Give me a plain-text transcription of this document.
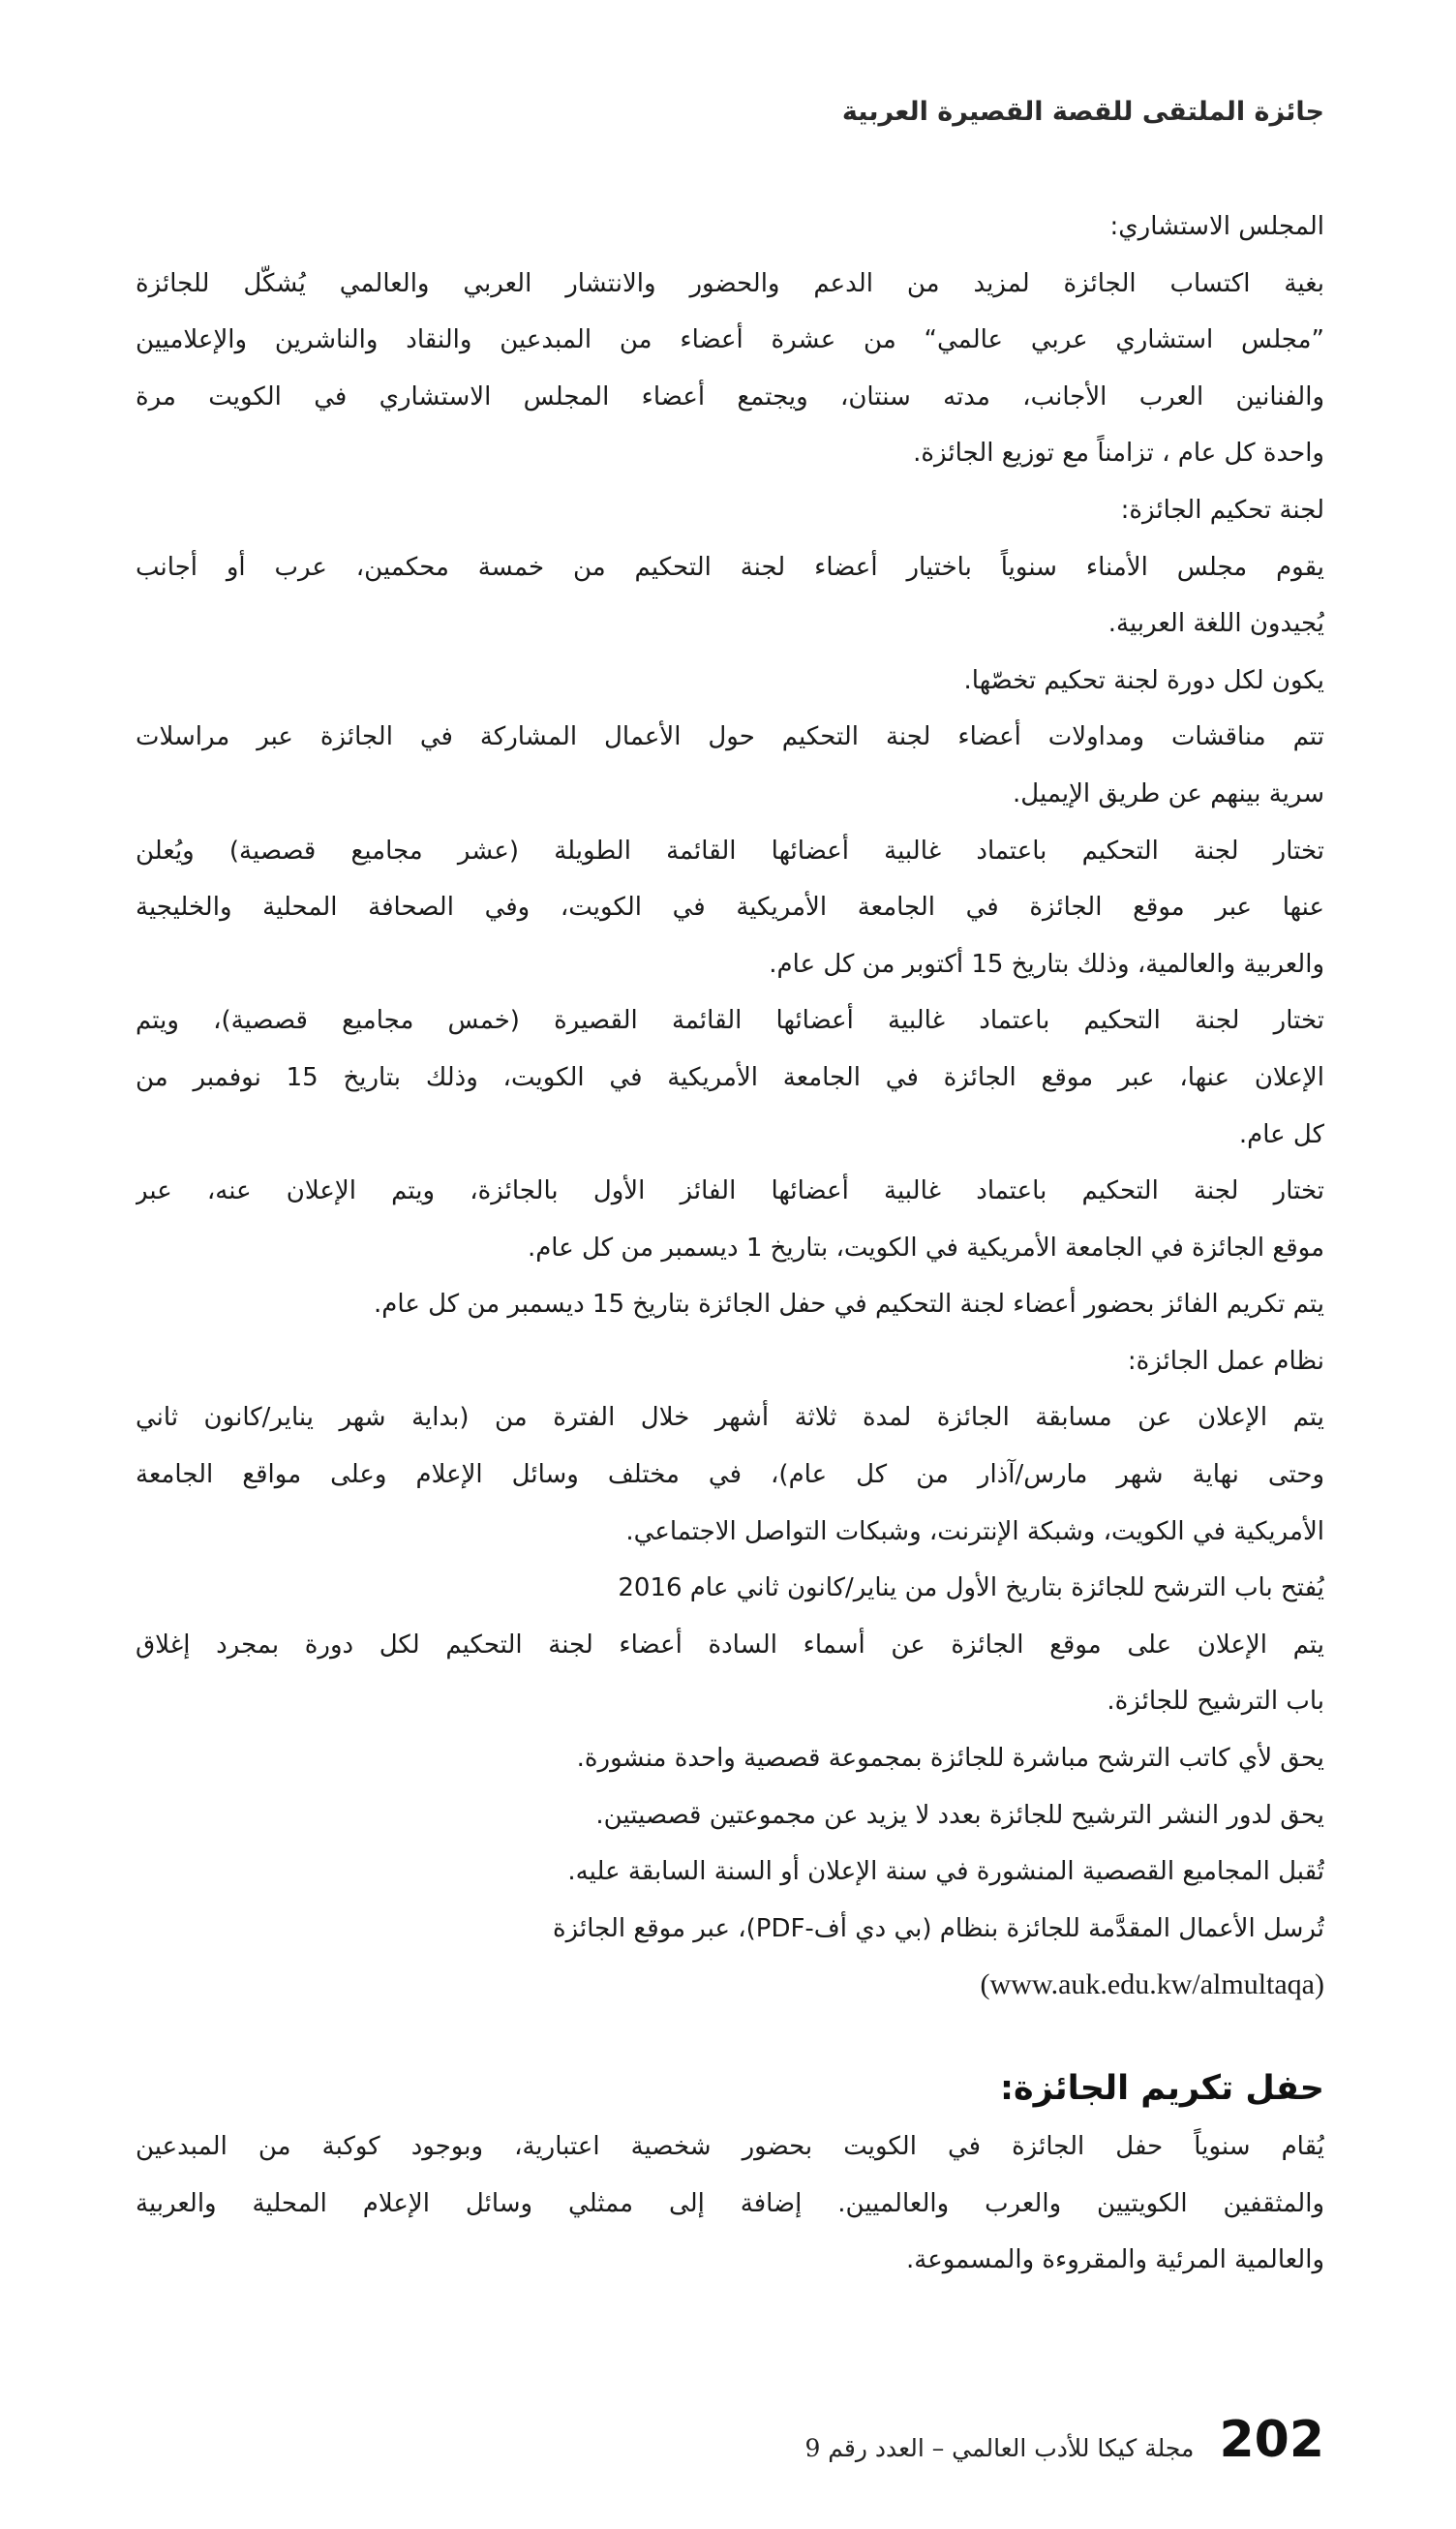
جائزة الملتقى للقصة القصيرة العربية
المجلس الاستشاري:
بغية اكتساب الجائزة لمزيد من الدعم والحضور والانتشار العربي والعالمي يُشكّل للجائزة
”مجلس استشاري عربي عالمي“ من عشرة أعضاء من المبدعين والنقاد والناشرين والإعلاميين
والفنانين العرب الأجانب، مدته سنتان، ويجتمع أعضاء المجلس الاستشاري في الكويت مرة
واحدة كل عام ، تزامناً مع توزيع الجائزة.
لجنة تحكيم الجائزة:
يقوم مجلس الأمناء سنوياً باختيار أعضاء لجنة التحكيم من خمسة محكمين، عرب أو أجانب
يُجيدون اللغة العربية.
يكون لكل دورة لجنة تحكيم تخصّها.
تتم مناقشات ومداولات أعضاء لجنة التحكيم حول الأعمال المشاركة في الجائزة عبر مراسلات
سرية بينهم عن طريق الإيميل.
تختار لجنة التحكيم باعتماد غالبية أعضائها القائمة الطويلة (عشر مجاميع قصصية) ويُعلن
عنها عبر موقع الجائزة في الجامعة الأمريكية في الكويت، وفي الصحافة المحلية والخليجية
والعربية والعالمية، وذلك بتاريخ 15 أكتوبر من كل عام.
تختار لجنة التحكيم باعتماد غالبية أعضائها القائمة القصيرة (خمس مجاميع قصصية)، ويتم
الإعلان عنها، عبر موقع الجائزة في الجامعة الأمريكية في الكويت، وذلك بتاريخ 15 نوفمبر من
كل عام.
تختار لجنة التحكيم باعتماد غالبية أعضائها الفائز الأول بالجائزة، ويتم الإعلان عنه، عبر
موقع الجائزة في الجامعة الأمريكية في الكويت، بتاريخ 1 ديسمبر من كل عام.
يتم تكريم الفائز بحضور أعضاء لجنة التحكيم في حفل الجائزة بتاريخ 15 ديسمبر من كل عام.
نظام عمل الجائزة:
يتم الإعلان عن مسابقة الجائزة لمدة ثلاثة أشهر خلال الفترة من (بداية شهر يناير/كانون ثاني
وحتى نهاية شهر مارس/آذار من كل عام)، في مختلف وسائل الإعلام وعلى مواقع الجامعة
الأمريكية في الكويت، وشبكة الإنترنت، وشبكات التواصل الاجتماعي.
يُفتح باب الترشح للجائزة بتاريخ الأول من يناير/كانون ثاني عام 2016
يتم الإعلان على موقع الجائزة عن أسماء السادة أعضاء لجنة التحكيم لكل دورة بمجرد إغلاق
باب الترشيح للجائزة.
يحق لأي كاتب الترشح مباشرة للجائزة بمجموعة قصصية واحدة منشورة.
يحق لدور النشر الترشيح للجائزة بعدد لا يزيد عن مجموعتين قصصيتين.
تُقبل المجاميع القصصية المنشورة في سنة الإعلان أو السنة السابقة عليه.
تُرسل الأعمال المقدَّمة للجائزة بنظام (بي دي أف-PDF)، عبر موقع الجائزة
(www.auk.edu.kw/almultaqa)
حفل تكريم الجائزة:
يُقام سنوياً حفل الجائزة في الكويت بحضور شخصية اعتبارية، وبوجود كوكبة من المبدعين
والمثقفين الكويتيين والعرب والعالميين. إضافة إلى ممثلي وسائل الإعلام المحلية والعربية
والعالمية المرئية والمقروءة والمسموعة.
202
مجلة كيكا للأدب العالمي – العدد رقم 9
